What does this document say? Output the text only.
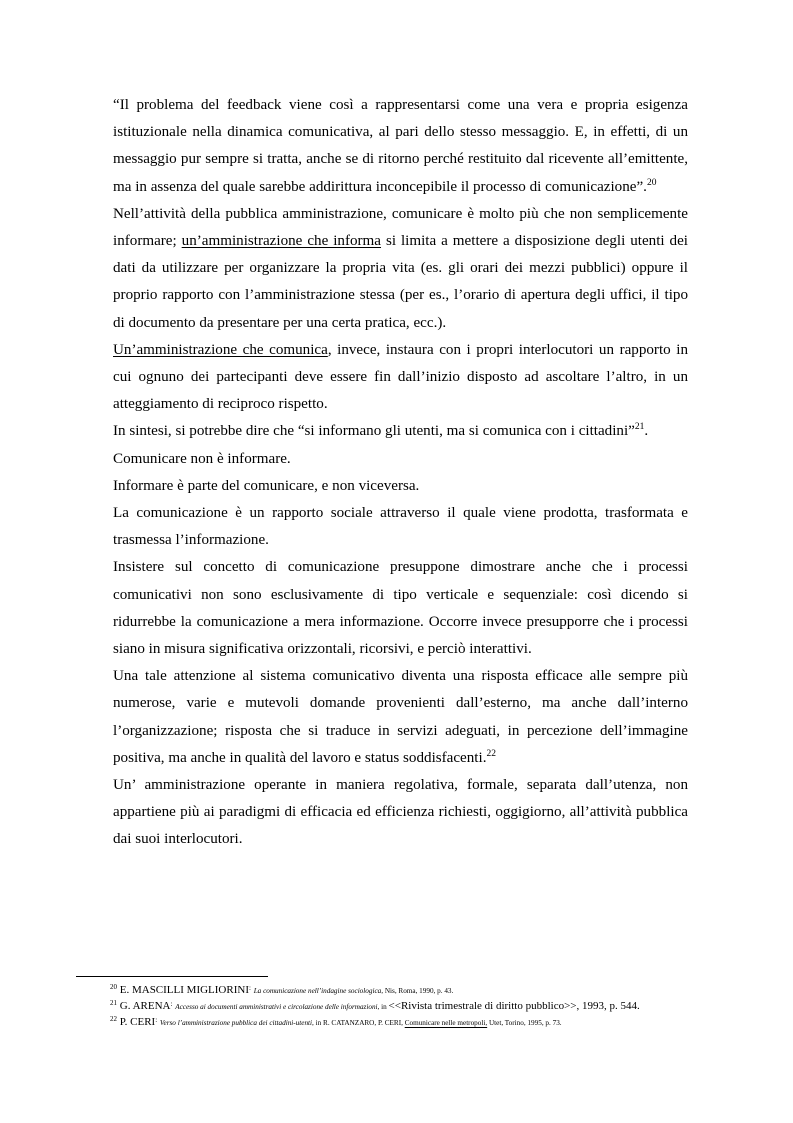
“Il problema del feedback viene così a rappresentarsi come una vera e propria esigenza istituzionale nella dinamica comunicativa, al pari dello stesso messaggio. E, in effetti, di un messaggio pur sempre si tratta, anche se di ritorno perché restituito dal ricevente all’emittente, ma in assenza del quale sarebbe addirittura inconcepibile il processo di comunicazione”.$^{20}$

Nell’attività della pubblica amministrazione, comunicare è molto più che non semplicemente informare; un’amministrazione che informa si limita a mettere a disposizione degli utenti dei dati da utilizzare per organizzare la propria vita (es. gli orari dei mezzi pubblici) oppure il proprio rapporto con l’amministrazione stessa (per es., l’orario di apertura degli uffici, il tipo di documento da presentare per una certa pratica, ecc.).

Un’amministrazione che comunica, invece, instaura con i propri interlocutori un rapporto in cui ognuno dei partecipanti deve essere fin dall’inizio disposto ad ascoltare l’altro, in un atteggiamento di reciproco rispetto.

In sintesi, si potrebbe dire che “si informano gli utenti, ma si comunica con i cittadini”$^{21}$.

Comunicare non è informare.

Informare è parte del comunicare, e non viceversa.

La comunicazione è un rapporto sociale attraverso il quale viene prodotta, trasformata e trasmessa l’informazione.

Insistere sul concetto di comunicazione presuppone dimostrare anche che i processi comunicativi non sono esclusivamente di tipo verticale e sequenziale: così dicendo si ridurrebbe la comunicazione a mera informazione. Occorre invece presupporre che i processi siano in misura significativa orizzontali, ricorsivi, e perciò interattivi.

Una tale attenzione al sistema comunicativo diventa una risposta efficace alle sempre più numerose, varie e mutevoli domande provenienti dall’esterno, ma anche dall’interno l’organizzazione; risposta che si traduce in servizi adeguati, in percezione dell’immagine positiva, ma anche in qualità del lavoro e status soddisfacenti.$^{22}$

Un’ amministrazione operante in maniera regolativa, formale, separata dall’utenza, non appartiene più ai paradigmi di efficacia ed efficienza richiesti, oggigiorno, all’attività pubblica dai suoi interlocutori.

$^{20}$ E. MASCILLI MIGLIORINI: La comunicazione nell’indagine sociologica, Nis, Roma, 1990, p. 43.

$^{21}$ G. ARENA: Accesso ai documenti amministrativi e circolazione delle informazioni, in <<Rivista trimestrale di diritto pubblico>>, 1993, p. 544.

$^{22}$ P. CERI: Verso l’amministrazione pubblica dei cittadini-utenti, in R. CATANZARO, P. CERI, Comunicare nelle metropoli, Utet, Torino, 1995, p. 73.
